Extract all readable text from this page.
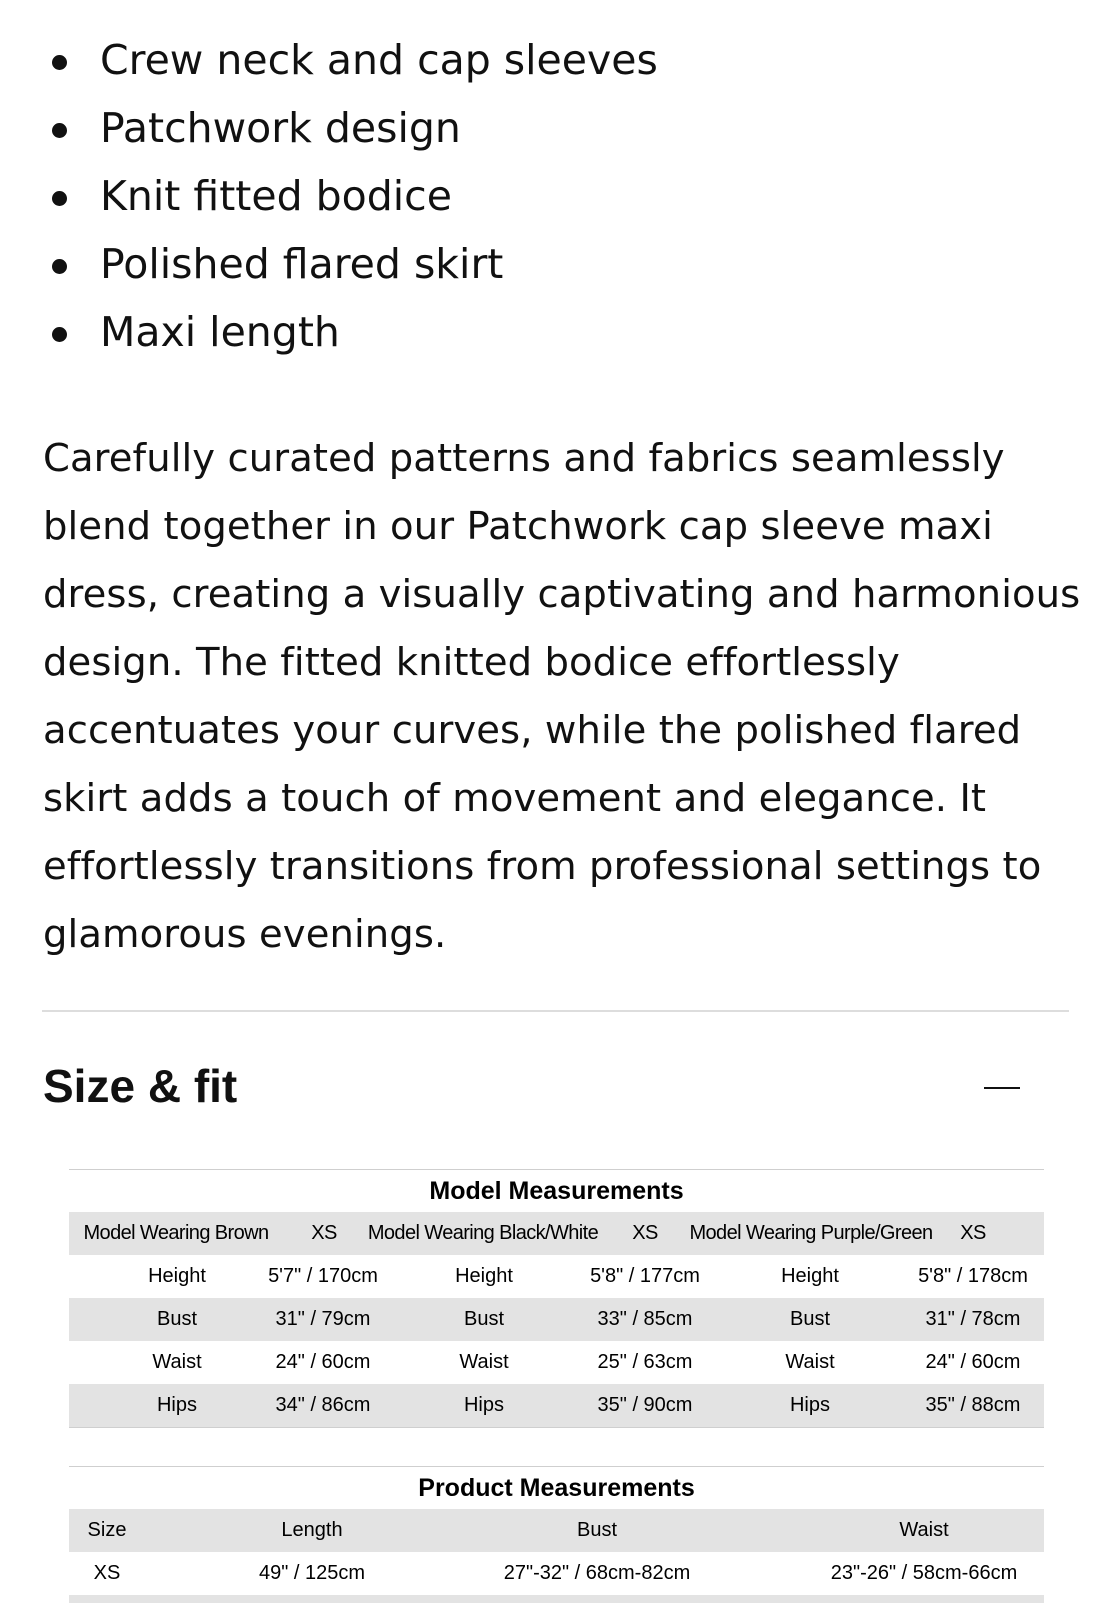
Crew neck and cap sleeves
Patchwork design
Knit fitted bodice
Polished flared skirt
Maxi length

Carefully curated patterns and fabrics seamlessly blend together in our Patchwork cap sleeve maxi dress, creating a visually captivating and harmonious design. The fitted knitted bodice effortlessly accentuates your curves, while the polished flared skirt adds a touch of movement and elegance. It effortlessly transitions from professional settings to glamorous evenings.

Size & fit
Model Measurements
Model Wearing Brown XS Model Wearing Black/White XS Model Wearing Purple/Green XS
Height	5'7" / 170cm	Height	5'8" / 177cm	Height	5'8" / 178cm
Bust	31" / 79cm	Bust	33" / 85cm	Bust	31" / 78cm
Waist	24" / 60cm	Waist	25" / 63cm	Waist	24" / 60cm
Hips	34" / 86cm	Hips	35" / 90cm	Hips	35" / 88cm
Product Measurements
Size	Length	Bust	Waist
XS	49" / 125cm	27"-32" / 68cm-82cm	23"-26" / 58cm-66cm
